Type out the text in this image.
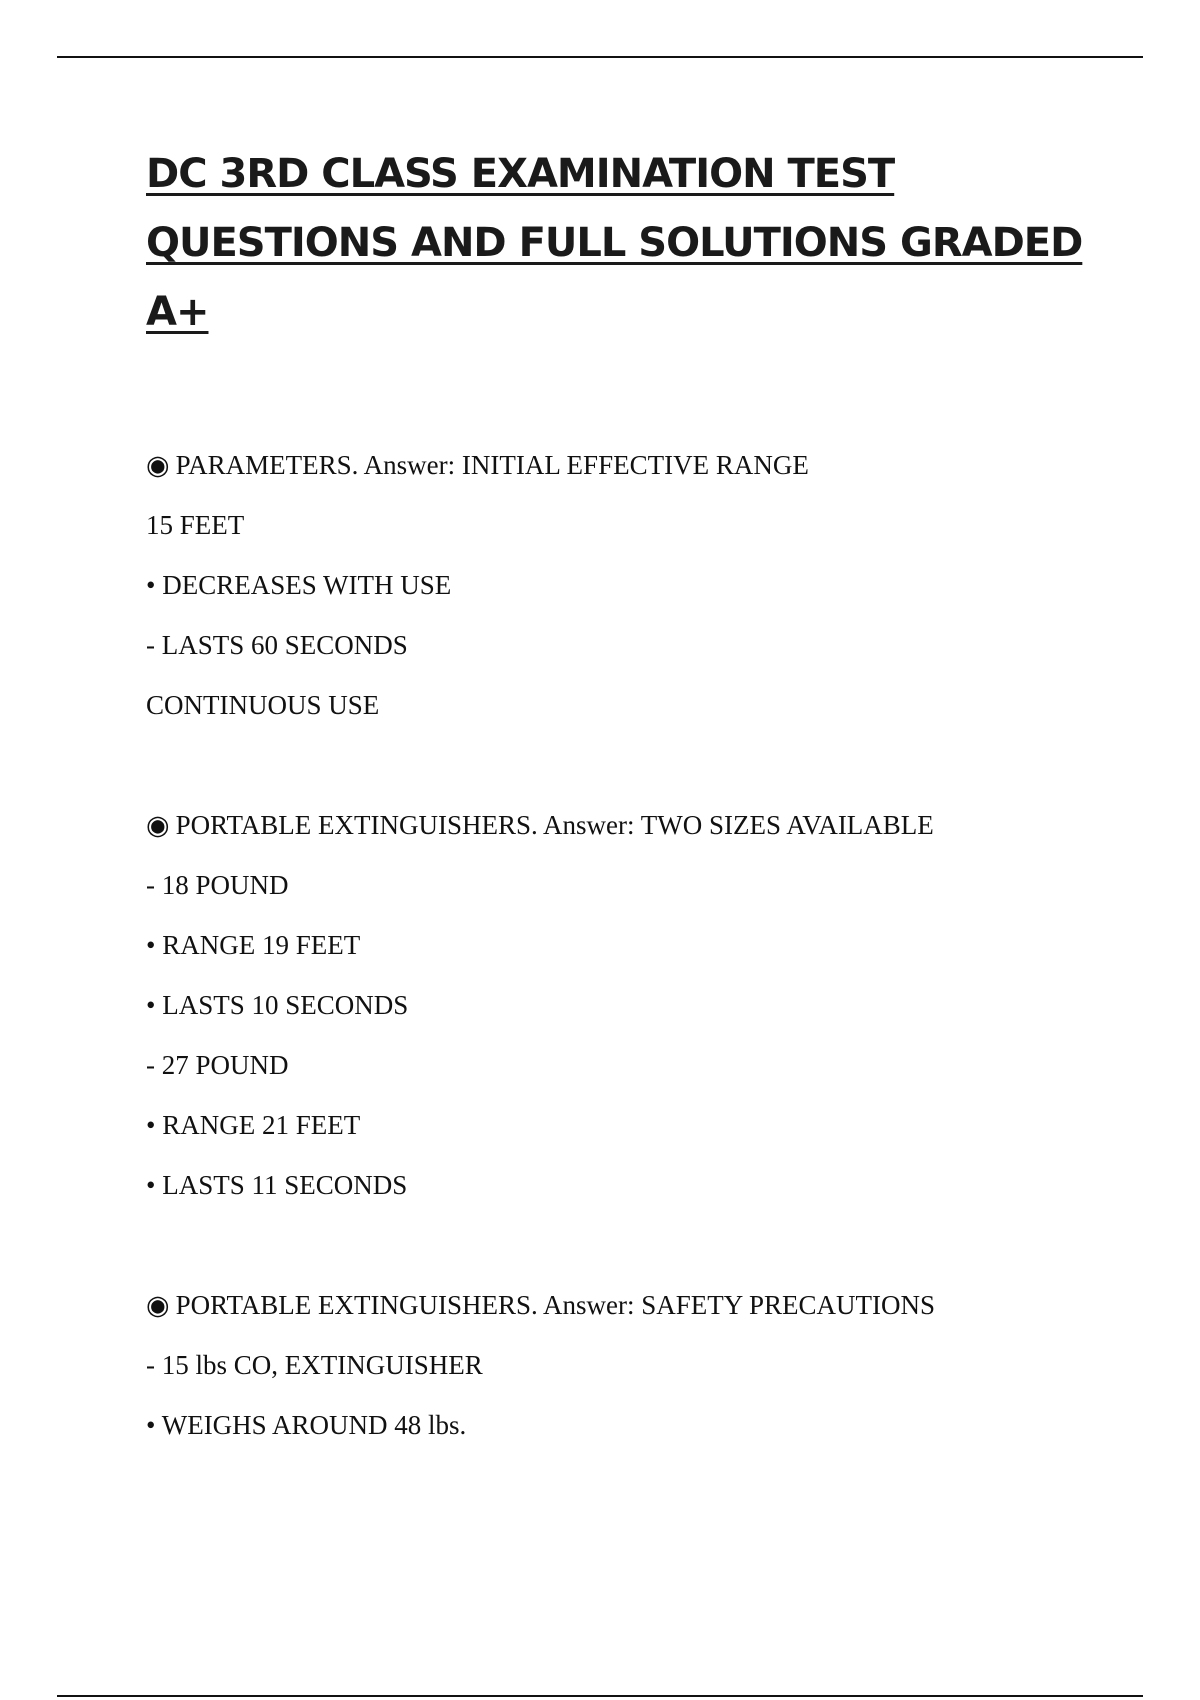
DC 3RD CLASS EXAMINATION TEST QUESTIONS AND FULL SOLUTIONS GRADED A+
◉ PARAMETERS. Answer: INITIAL EFFECTIVE RANGE
15 FEET
• DECREASES WITH USE
- LASTS 60 SECONDS
CONTINUOUS USE
◉ PORTABLE EXTINGUISHERS. Answer: TWO SIZES AVAILABLE
- 18 POUND
• RANGE 19 FEET
• LASTS 10 SECONDS
- 27 POUND
• RANGE 21 FEET
• LASTS 11 SECONDS
◉ PORTABLE EXTINGUISHERS. Answer: SAFETY PRECAUTIONS
- 15 lbs CO, EXTINGUISHER
• WEIGHS AROUND 48 lbs.
